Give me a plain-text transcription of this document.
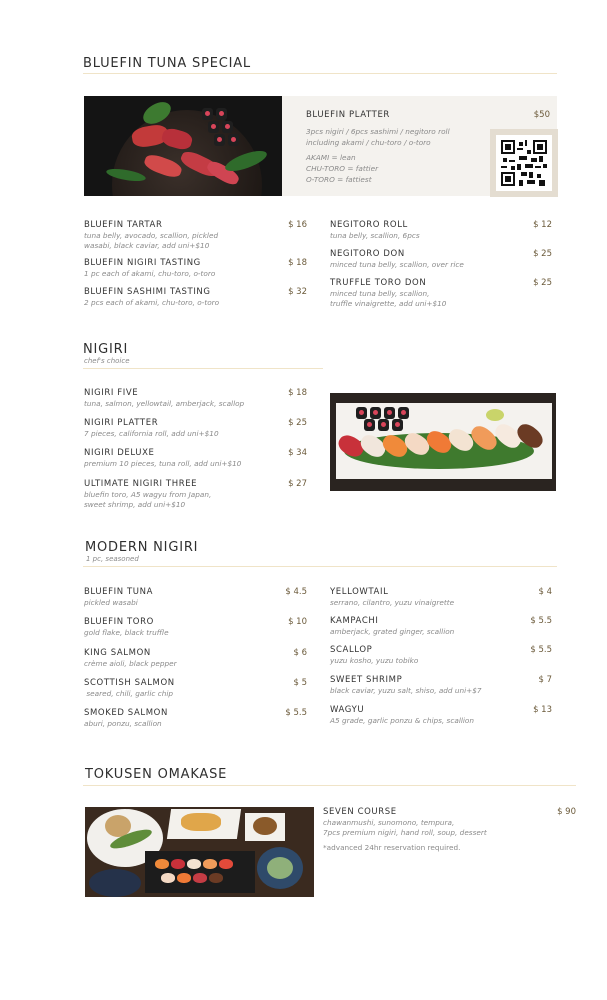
BLUEFIN TUNA SPECIAL
BLUEFIN PLATTER	$50
3pcs nigiri / 6pcs sashimi / negitoro roll
including akami / chu-toro / o-toro
AKAMI = lean
CHU-TORO = fattier
O-TORO = fattiest
BLUEFIN TARTAR
tuna belly, avocado, scallion, pickled
wasabi, black caviar, add uni+$10
$ 16
BLUEFIN NIGIRI TASTING
1 pc each of akami, chu-toro, o-toro
$ 18
BLUEFIN SASHIMI TASTING
2 pcs each of akami, chu-toro, o-toro
$ 32
NEGITORO ROLL
tuna belly, scallion, 6pcs
$ 12
NEGITORO DON
minced tuna belly, scallion, over rice
$ 25
TRUFFLE TORO DON
minced tuna belly, scallion,
truffle vinaigrette, add uni+$10
$ 25
NIGIRI
chef's choice
NIGIRI FIVE
tuna, salmon, yellowtail, amberjack, scallop
$ 18
NIGIRI PLATTER
7 pieces, california roll, add uni+$10
$ 25
NIGIRI DELUXE
premium 10 pieces, tuna roll, add uni+$10
$ 34
ULTIMATE NIGIRI THREE
bluefin toro, A5 wagyu from Japan,
sweet shrimp, add uni+$10
$ 27
MODERN NIGIRI
1 pc, seasoned
BLUEFIN TUNA
pickled wasabi
$ 4.5
BLUEFIN TORO
gold flake, black truffle
$ 10
KING SALMON
crème aioli, black pepper
$ 6
SCOTTISH SALMON
seared, chili, garlic chip
$ 5
SMOKED SALMON
aburi, ponzu, scallion
$ 5.5
YELLOWTAIL
serrano, cilantro, yuzu vinaigrette
$ 4
KAMPACHI
amberjack, grated ginger, scallion
$ 5.5
SCALLOP
yuzu kosho, yuzu tobiko
$ 5.5
SWEET SHRIMP
black caviar, yuzu salt, shiso, add uni+$7
$ 7
WAGYU
A5 grade, garlic ponzu & chips, scallion
$ 13
TOKUSEN OMAKASE
SEVEN COURSE
chawanmushi, sunomono, tempura,
7pcs premium nigiri, hand roll, soup, dessert
*advanced 24hr reservation required.
$ 90
